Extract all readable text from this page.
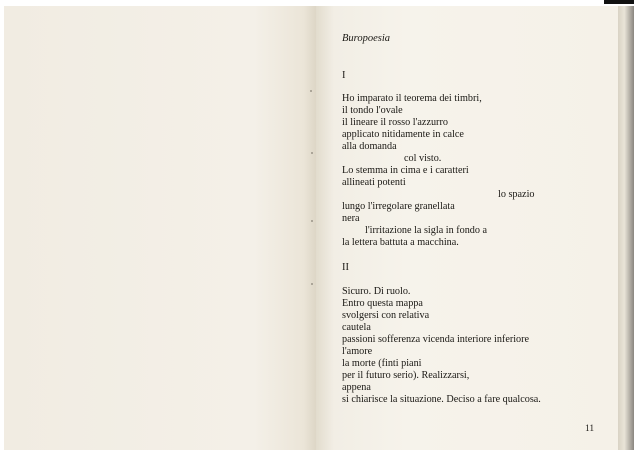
Buropoesia
I
Ho imparato il teorema dei timbri,
il tondo l'ovale
il lineare il rosso l'azzurro
applicato nitidamente in calce
alla domanda
col visto.
Lo stemma in cima e i caratteri
allineati potenti
lo spazio
lungo l'irregolare granellata
nera
l'irritazione la sigla in fondo a
la lettera battuta a macchina.
II
Sicuro. Di ruolo.
Entro questa mappa
svolgersi con relativa
cautela
passioni sofferenza vicenda interiore inferiore
l'amore
la morte (finti piani
per il futuro serio). Realizzarsi,
appena
si chiarisce la situazione. Deciso a fare qualcosa.
11
